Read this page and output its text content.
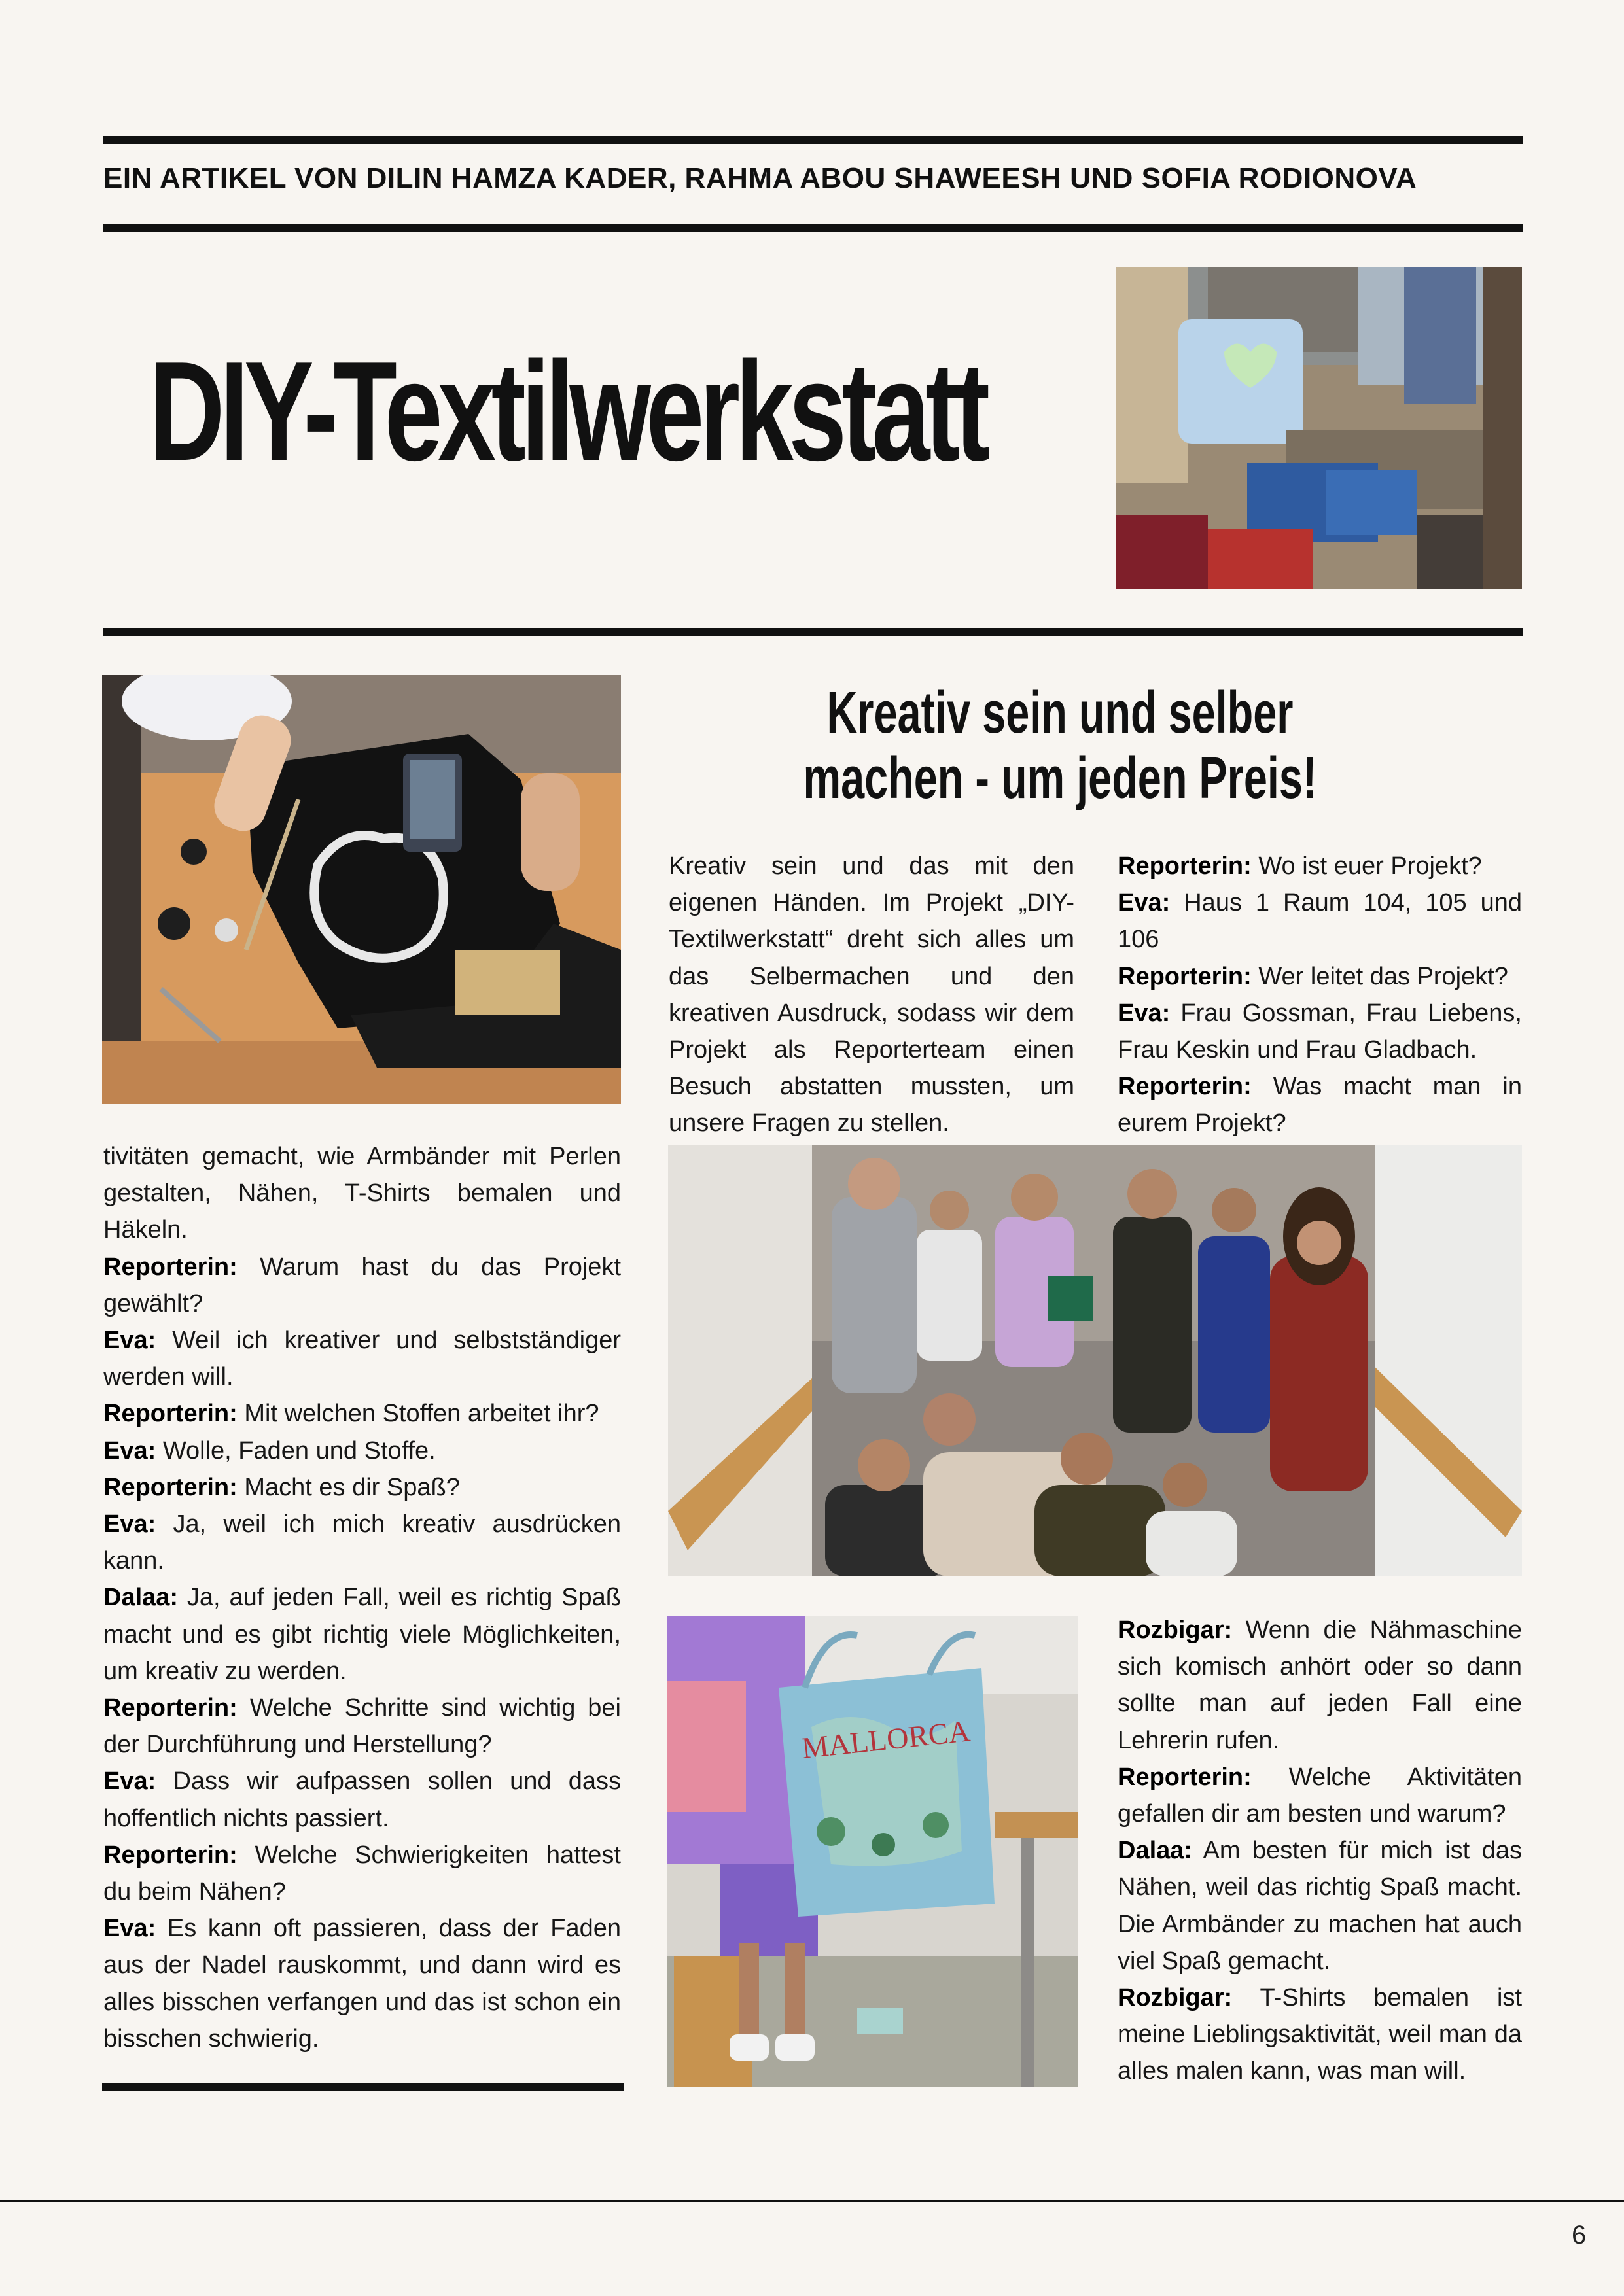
EIN ARTIKEL VON DILIN HAMZA KADER, RAHMA ABOU SHAWEESH UND SOFIA RODIONOVA
DIY-Textilwerkstatt
Kreativ sein und selber machen - um jeden Preis!

Kreativ sein und das mit den eigenen Händen. Im Projekt „DIY-Textilwerkstatt“ dreht sich alles um das Selbermachen und den kreativen Ausdruck, sodass wir dem Projekt als Reporterteam einen Besuch abstatten mussten, um unsere Fragen zu stellen.

Reporterin: Wo ist euer Projekt?

Eva: Haus 1 Raum 104, 105 und 106

Reporterin: Wer leitet das Projekt?

Eva: Frau Gossman, Frau Liebens, Frau Keskin und Frau Gladbach.

Reporterin: Was macht man in eurem Projekt?

tivitäten gemacht, wie Armbänder mit Perlen gestalten, Nähen, T-Shirts bemalen und Häkeln.

Reporterin: Warum hast du das Projekt gewählt?

Eva: Weil ich kreativer und selbstständiger werden will.

Reporterin: Mit welchen Stoffen arbeitet ihr?

Eva: Wolle, Faden und Stoffe.

Reporterin: Macht es dir Spaß?

Eva: Ja, weil ich mich kreativ ausdrücken kann.

Dalaa: Ja, auf jeden Fall, weil es richtig Spaß macht und es gibt richtig viele Möglichkeiten, um kreativ zu werden.

Reporterin: Welche Schritte sind wichtig bei der Durchführung und Herstellung?

Eva: Dass wir aufpassen sollen und dass hoffentlich nichts passiert.

Reporterin: Welche Schwierigkeiten hattest du beim Nähen?

Eva: Es kann oft passieren, dass der Faden aus der Nadel rauskommt, und dann wird es alles bisschen verfangen und das ist schon ein bisschen schwierig.

MALLORCA

Rozbigar: Wenn die Nähmaschine sich komisch anhört oder so dann sollte man auf jeden Fall eine Lehrerin rufen.

Reporterin: Welche Aktivitäten gefallen dir am besten und warum?

Dalaa: Am besten für mich ist das Nähen, weil das richtig Spaß macht. Die Armbänder zu machen hat auch viel Spaß gemacht.

Rozbigar: T-Shirts bemalen ist meine Lieblingsaktivität, weil man da alles malen kann, was man will.

6
